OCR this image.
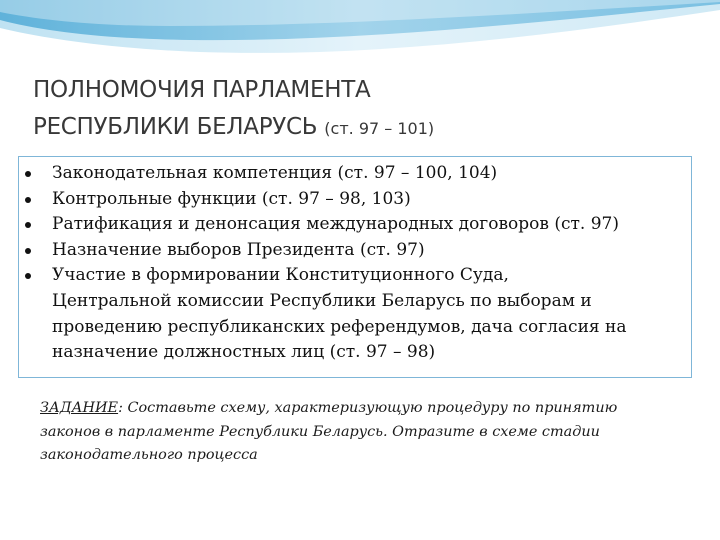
ПОЛНОМОЧИЯ ПАРЛАМЕНТА
РЕСПУБЛИКИ БЕЛАРУСЬ (ст. 97 – 101)
Законодательная компетенция (ст. 97 – 100, 104)
Контрольные функции (ст. 97 – 98, 103)
Ратификация и денонсация международных договоров (ст. 97)
Назначение выборов Президента (ст. 97)
Участие в формировании Конституционного Суда,
Центральной комиссии Республики Беларусь по выборам и
проведению республиканских референдумов, дача согласия на
назначение должностных лиц (ст. 97 – 98)
ЗАДАНИЕ: Составьте схему, характеризующую процедуру по принятию
законов в парламенте Республики Беларусь. Отразите в схеме стадии
законодательного процесса
